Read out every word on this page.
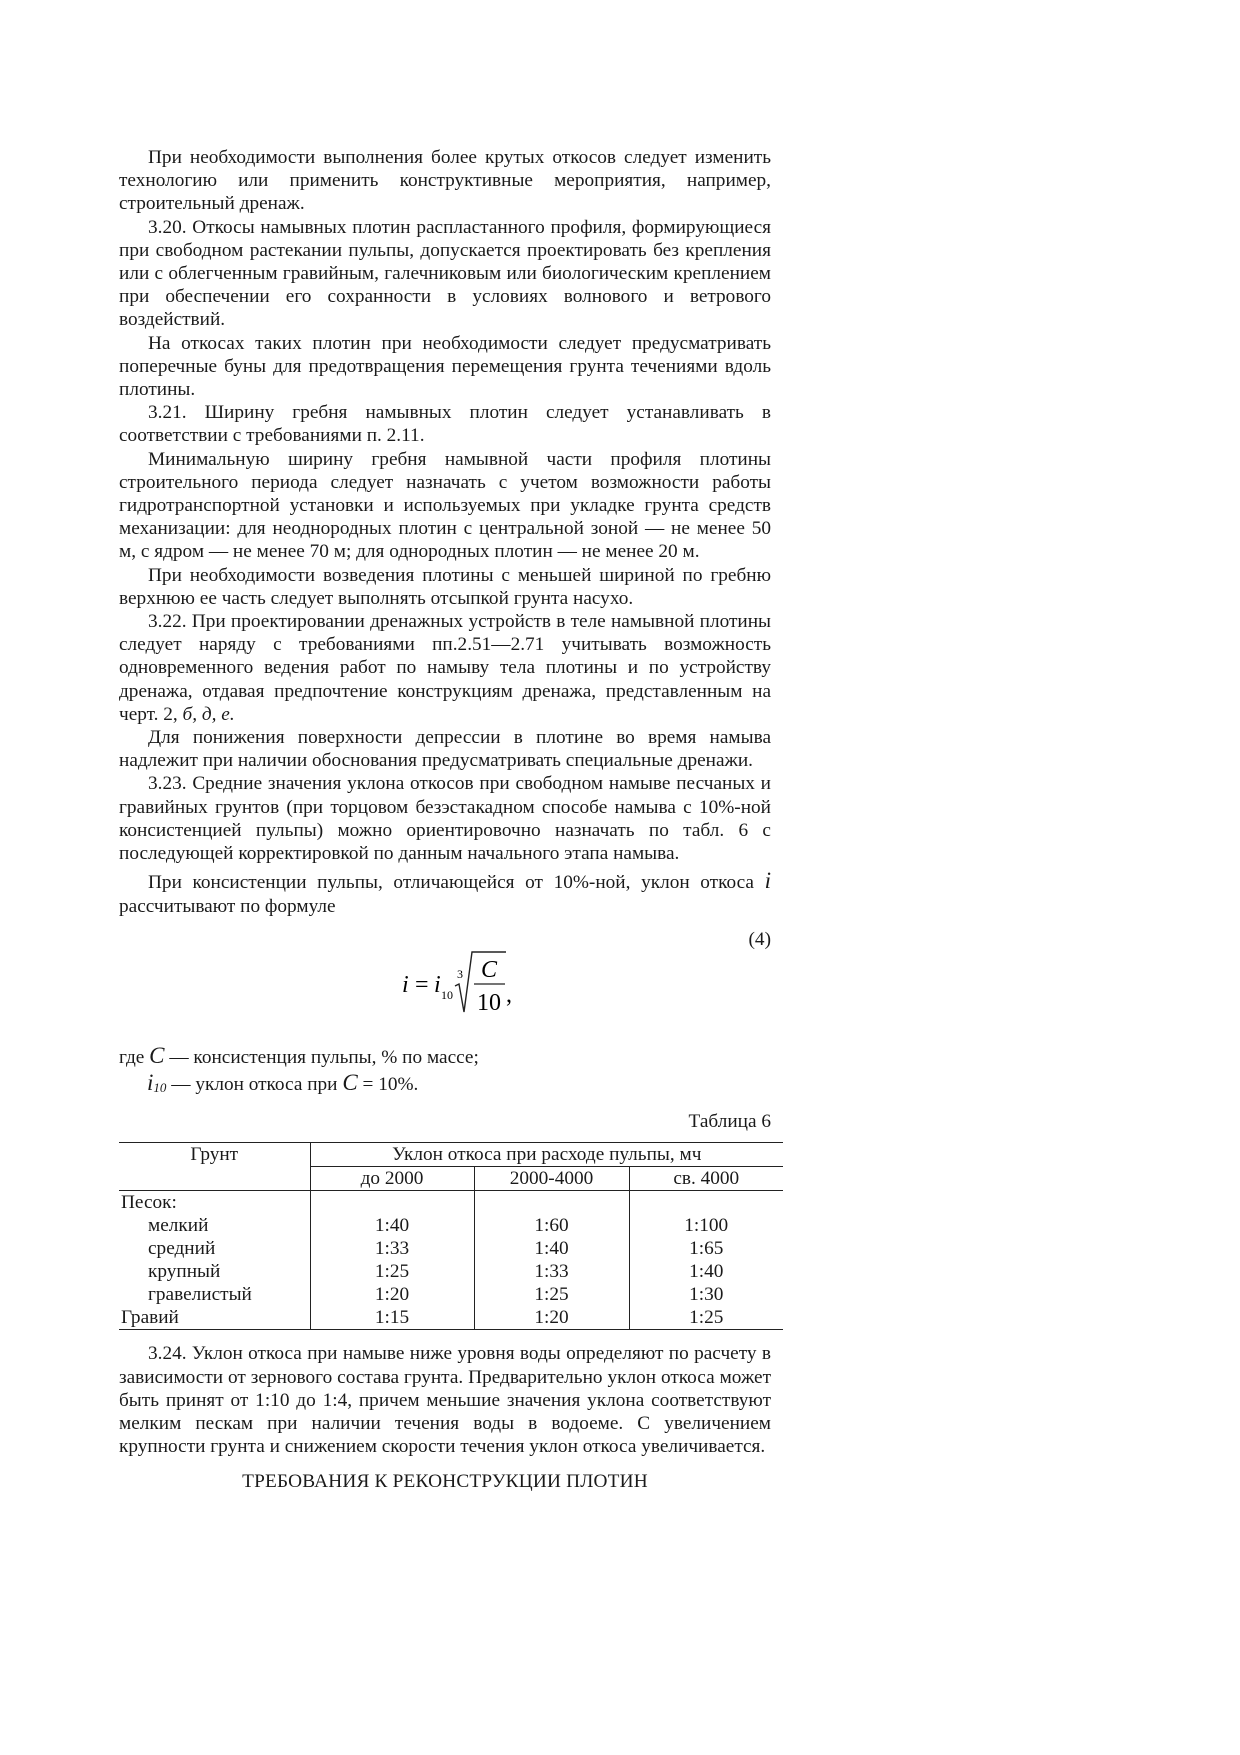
При необходимости выполнения более крутых откосов следует изменить технологию или применить конструктивные мероприятия, например, строительный дренаж.

3.20. Откосы намывных плотин распластанного профиля, формирующиеся при свободном растекании пульпы, допускается проектировать без крепления или с облегченным гравийным, галечниковым или биологическим креплением при обеспечении его сохранности в условиях волнового и ветрового воздействий.

На откосах таких плотин при необходимости следует предусматривать поперечные буны для предотвращения перемещения грунта течениями вдоль плотины.

3.21. Ширину гребня намывных плотин следует устанавливать в соответствии с требованиями п. 2.11.

Минимальную ширину гребня намывной части профиля плотины строительного периода следует назначать с учетом возможности работы гидротранспортной установки и используемых при укладке грунта средств механизации: для неоднородных плотин с центральной зоной — не менее 50 м, с ядром — не менее 70 м; для однородных плотин — не менее 20 м.

При необходимости возведения плотины с меньшей шириной по гребню верхнюю ее часть следует выполнять отсыпкой грунта насухо.

3.22. При проектировании дренажных устройств в теле намывной плотины следует наряду с требованиями пп.2.51—2.71 учитывать возможность одновременного ведения работ по намыву тела плотины и по устройству дренажа, отдавая предпочтение конструкциям дренажа, представленным на черт. 2, б, д, е.

Для понижения поверхности депрессии в плотине во время намыва надлежит при наличии обоснования предусматривать специальные дренажи.

3.23. Средние значения уклона откосов при свободном намыве песчаных и гравийных грунтов (при торцовом безэстакадном способе намыва с 10%-ной консистенцией пульпы) можно ориентировочно назначать по табл. 6 с последующей корректировкой по данным начального этапа намыва.

При консистенции пульпы, отличающейся от 10%-ной, уклон откоса i рассчитывают по формуле

(4)
i = i 10
3 C
10 ,
где C — консистенция пульпы, % по массе;
i10 — уклон откоса при C = 10%.
Таблица 6
Грунт	Уклон откоса при расходе пульпы, мч		
	до 2000	2000-4000	св. 4000
Песок:			
мелкий	1:40	1:60	1:100
средний	1:33	1:40	1:65
крупный	1:25	1:33	1:40
гравелистый	1:20	1:25	1:30
Гравий	1:15	1:20	1:25

3.24. Уклон откоса при намыве ниже уровня воды определяют по расчету в зависимости от зернового состава грунта. Предварительно уклон откоса может быть принят от 1:10 до 1:4, причем меньшие значения уклона соответствуют мелким пескам при наличии течения воды в водоеме. С увеличением крупности грунта и снижением скорости течения уклон откоса увеличивается.

ТРЕБОВАНИЯ К РЕКОНСТРУКЦИИ ПЛОТИН
